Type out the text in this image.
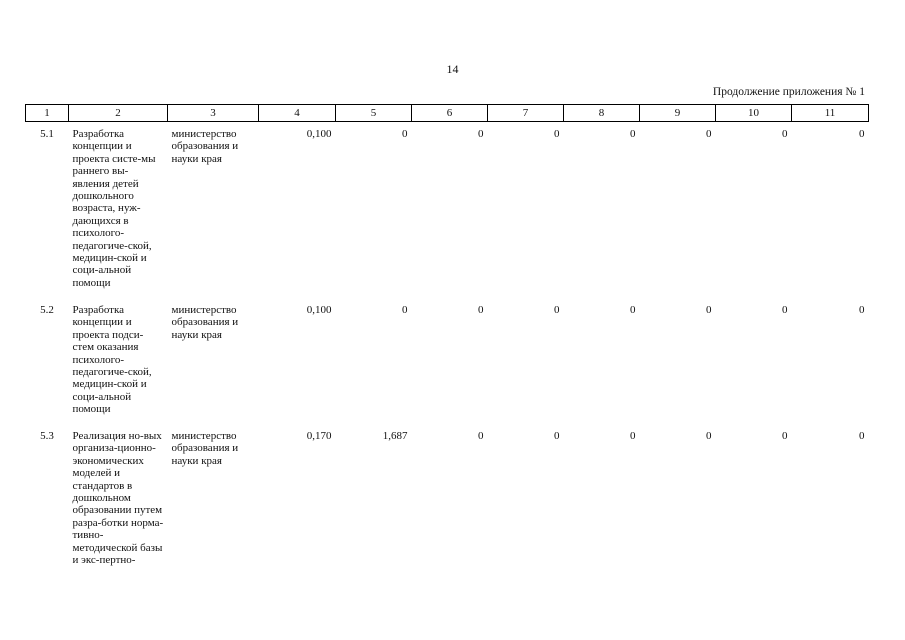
14
Продолжение приложения № 1
1	2	3	4	5	6	7	8	9	10	11
5.1	Разработка концепции и проекта систе-мы раннего вы-явления детей дошкольного возраста, нуж-дающихся в психолого-педагогиче-ской, медицин-ской и соци-альной помощи	министерство образования и науки края	0,100	0	0	0	0	0	0	0
5.2	Разработка концепции и проекта подси-стем оказания психолого-педагогиче-ской, медицин-ской и соци-альной помощи	министерство образования и науки края	0,100	0	0	0	0	0	0	0
5.3	Реализация но-вых организа-ционно-экономических моделей и стандартов в дошкольном образовании путем разра-ботки норма-тивно-методической базы и экс-пертно-	министерство образования и науки края	0,170	1,687	0	0	0	0	0	0
